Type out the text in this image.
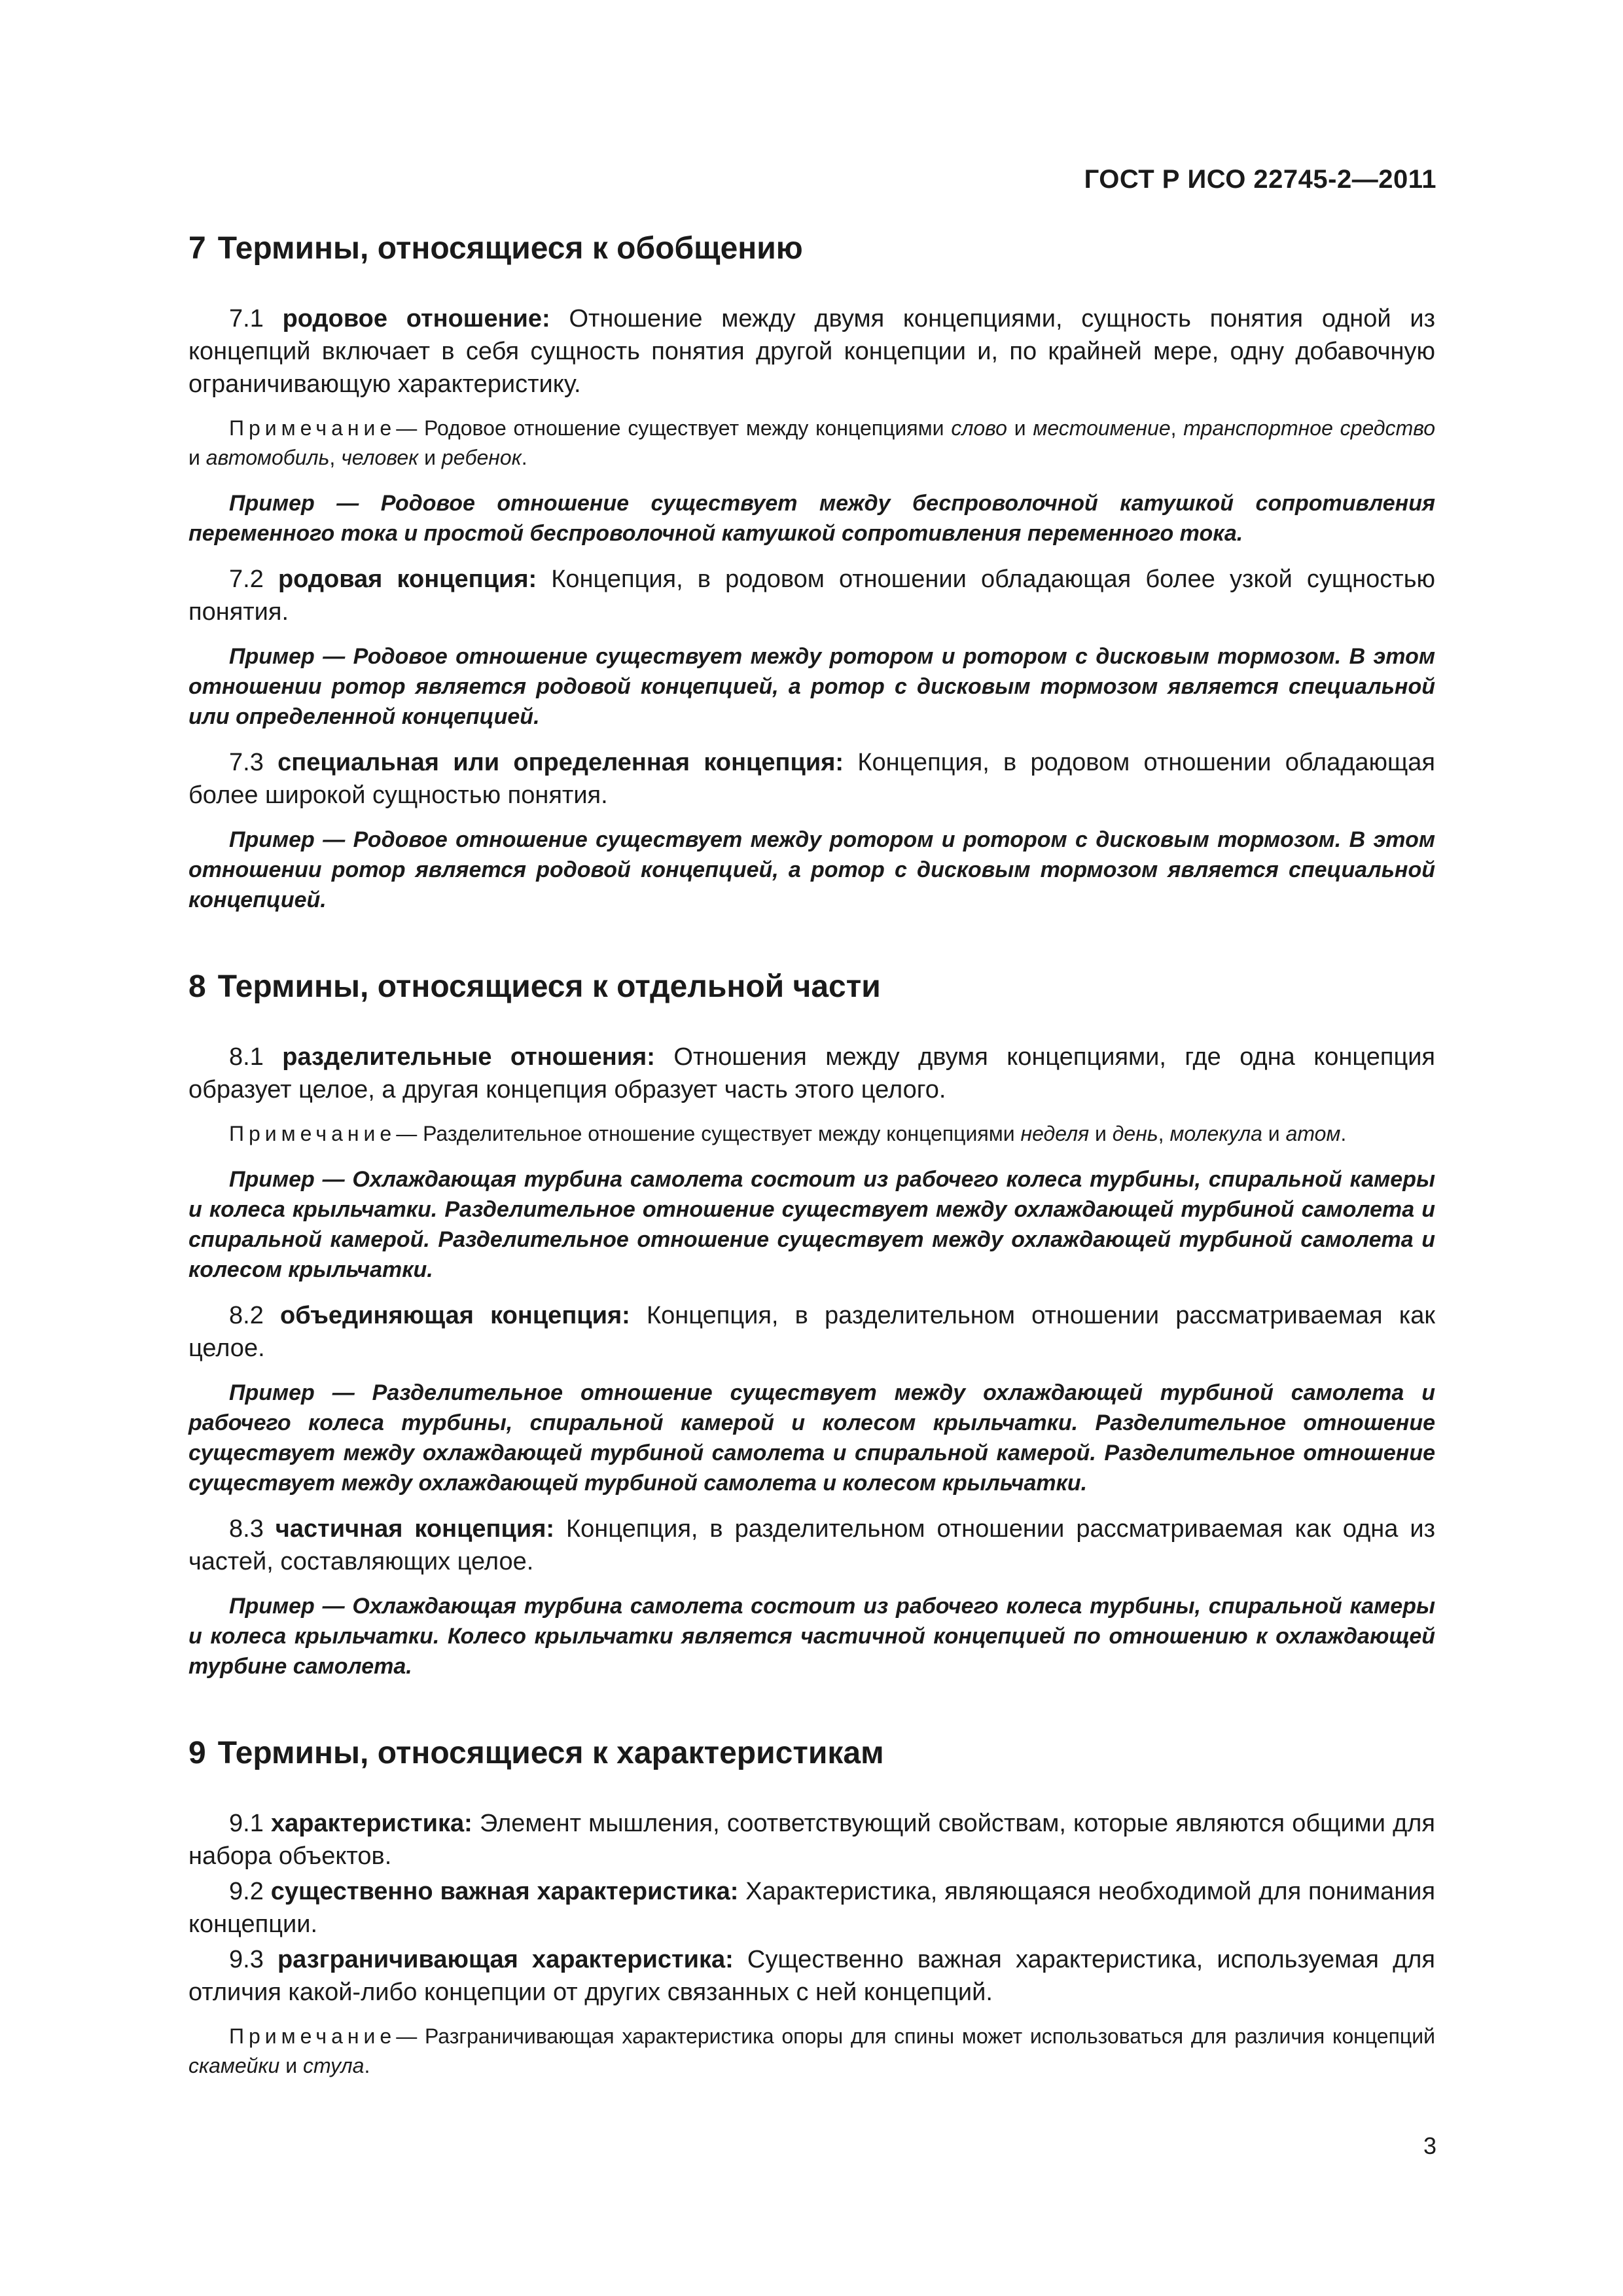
ГОСТ Р ИСО 22745-2—2011
7 Термины, относящиеся к обобщению

7.1 родовое отношение: Отношение между двумя концепциями, сущность понятия одной из концепций включает в себя сущность понятия другой концепции и, по крайней мере, одну добавочную ограничивающую характеристику.

Примечание— Родовое отношение существует между концепциями слово и местоимение, транспортное средство и автомобиль, человек и ребенок.

Пример — Родовое отношение существует между беспроволочной катушкой сопротивления переменного тока и простой беспроволочной катушкой сопротивления переменного тока.

7.2 родовая концепция: Концепция, в родовом отношении обладающая более узкой сущностью понятия.

Пример — Родовое отношение существует между ротором и ротором с дисковым тормозом. В этом отношении ротор является родовой концепцией, а ротор с дисковым тормозом является специальной или определенной концепцией.

7.3 специальная или определенная концепция: Концепция, в родовом отношении обладающая более широкой сущностью понятия.

Пример — Родовое отношение существует между ротором и ротором с дисковым тормозом. В этом отношении ротор является родовой концепцией, а ротор с дисковым тормозом является специальной концепцией.

8 Термины, относящиеся к отдельной части

8.1 разделительные отношения: Отношения между двумя концепциями, где одна концепция образует целое, а другая концепция образует часть этого целого.

Примечание— Разделительное отношение существует между концепциями неделя и день, молекула и атом.

Пример — Охлаждающая турбина самолета состоит из рабочего колеса турбины, спиральной камеры и колеса крыльчатки. Разделительное отношение существует между охлаждающей турбиной самолета и спиральной камерой. Разделительное отношение существует между охлаждающей турбиной самолета и колесом крыльчатки.

8.2 объединяющая концепция: Концепция, в разделительном отношении рассматриваемая как целое.

Пример — Разделительное отношение существует между охлаждающей турбиной самолета и рабочего колеса турбины, спиральной камерой и колесом крыльчатки. Разделительное отношение существует между охлаждающей турбиной самолета и спиральной камерой. Разделительное отношение существует между охлаждающей турбиной самолета и колесом крыльчатки.

8.3 частичная концепция: Концепция, в разделительном отношении рассматриваемая как одна из частей, составляющих целое.

Пример — Охлаждающая турбина самолета состоит из рабочего колеса турбины, спиральной камеры и колеса крыльчатки. Колесо крыльчатки является частичной концепцией по отношению к охлаждающей турбине самолета.

9 Термины, относящиеся к характеристикам

9.1 характеристика: Элемент мышления, соответствующий свойствам, которые являются общими для набора объектов.

9.2 существенно важная характеристика: Характеристика, являющаяся необходимой для понимания концепции.

9.3 разграничивающая характеристика: Существенно важная характеристика, используемая для отличия какой-либо концепции от других связанных с ней концепций.

Примечание— Разграничивающая характеристика опоры для спины может использоваться для различия концепций скамейки и стула.

3
